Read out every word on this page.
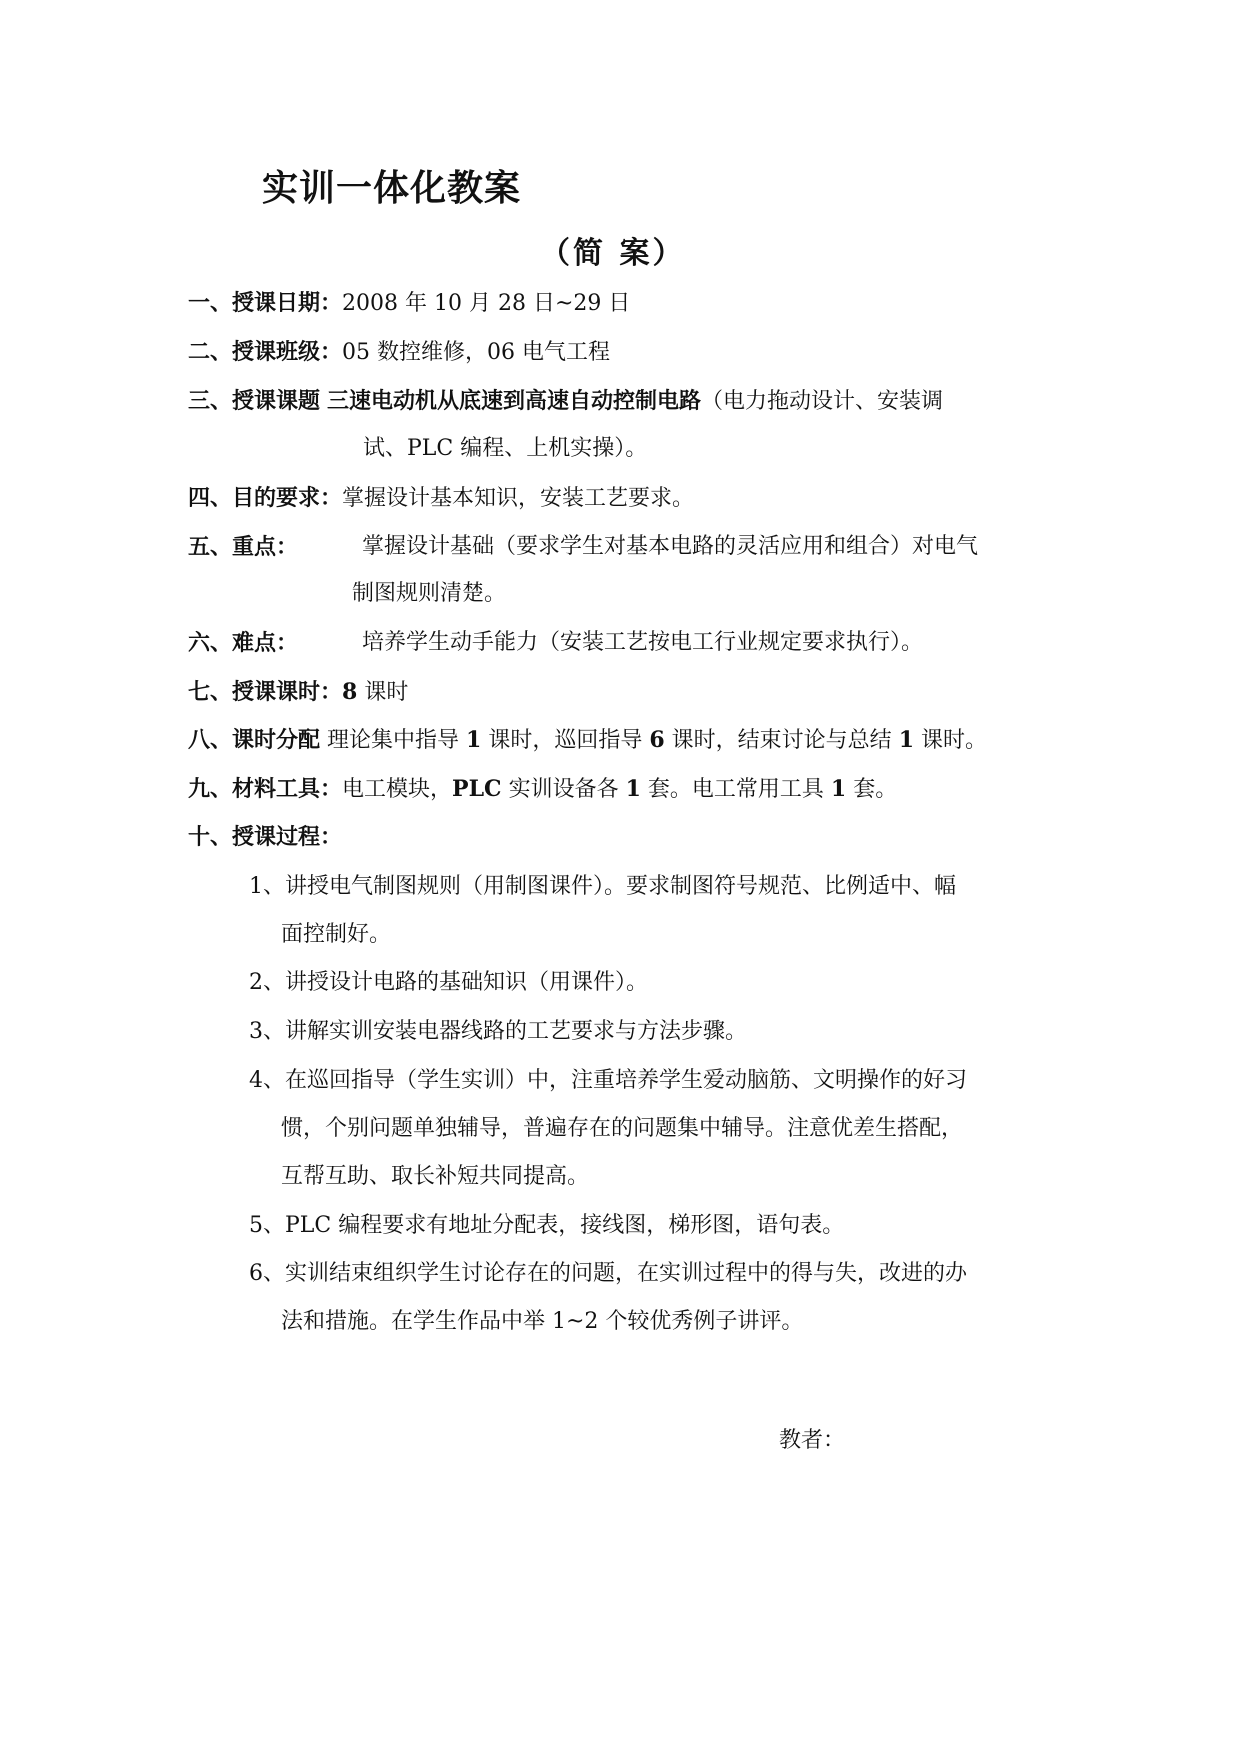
实训一体化教案
（简 案）
一、授课日期：2008 年 10 月 28 日~29 日
二、授课班级：05 数控维修，06 电气工程
三、授课课题 三速电动机从底速到高速自动控制电路（电力拖动设计、安装调
试、PLC 编程、上机实操）。
四、目的要求：掌握设计基本知识，安装工艺要求。
五、重点：	掌握设计基础（要求学生对基本电路的灵活应用和组合）对电气
制图规则清楚。
六、难点：	培养学生动手能力（安装工艺按电工行业规定要求执行）。
七、授课课时：8 课时
八、课时分配 理论集中指导 1 课时，巡回指导 6 课时，结束讨论与总结 1 课时。
九、材料工具：电工模块，PLC 实训设备各 1 套。电工常用工具 1 套。
十、授课过程：
1、讲授电气制图规则（用制图课件）。要求制图符号规范、比例适中、幅
面控制好。
2、讲授设计电路的基础知识（用课件）。
3、讲解实训安装电器线路的工艺要求与方法步骤。
4、在巡回指导（学生实训）中，注重培养学生爱动脑筋、文明操作的好习
惯，个别问题单独辅导，普遍存在的问题集中辅导。注意优差生搭配，
互帮互助、取长补短共同提高。
5、PLC 编程要求有地址分配表，接线图，梯形图，语句表。
6、实训结束组织学生讨论存在的问题，在实训过程中的得与失，改进的办
法和措施。在学生作品中举 1~2 个较优秀例子讲评。
教者：
